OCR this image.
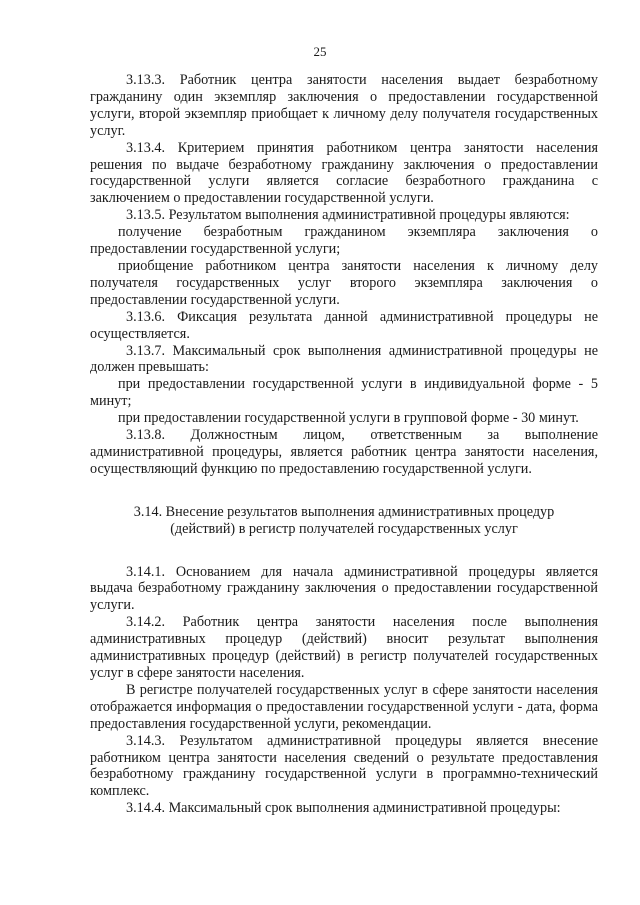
25

3.13.3. Работник центра занятости населения выдает безработному гражданину один экземпляр заключения о предоставлении государственной услуги, второй экземпляр приобщает к личному делу получателя государственных услуг.

3.13.4. Критерием принятия работником центра занятости населения решения по выдаче безработному гражданину заключения о предоставлении государственной услуги является согласие безработного гражданина с заключением о предоставлении государственной услуги.

3.13.5. Результатом выполнения административной процедуры являются:

получение безработным гражданином экземпляра заключения о предоставлении государственной услуги;

приобщение работником центра занятости населения к личному делу получателя государственных услуг второго экземпляра заключения о предоставлении государственной услуги.

3.13.6. Фиксация результата данной административной процедуры не осуществляется.

3.13.7. Максимальный срок выполнения административной процедуры не должен превышать:

при предоставлении государственной услуги в индивидуальной форме - 5 минут;

при предоставлении государственной услуги в групповой форме - 30 минут.

3.13.8. Должностным лицом, ответственным за выполнение административной процедуры, является работник центра занятости населения, осуществляющий функцию по предоставлению государственной услуги.

3.14. Внесение результатов выполнения административных процедур

(действий) в регистр получателей государственных услуг

3.14.1. Основанием для начала административной процедуры является выдача безработному гражданину заключения о предоставлении государственной услуги.

3.14.2. Работник центра занятости населения после выполнения административных процедур (действий) вносит результат выполнения административных процедур (действий) в регистр получателей государственных услуг в сфере занятости населения.

В регистре получателей государственных услуг в сфере занятости населения отображается информация о предоставлении государственной услуги - дата, форма предоставления государственной услуги, рекомендации.

3.14.3. Результатом административной процедуры является внесение работником центра занятости населения сведений о результате предоставления безработному гражданину государственной услуги в программно-технический комплекс.

3.14.4. Максимальный срок выполнения административной процедуры:
